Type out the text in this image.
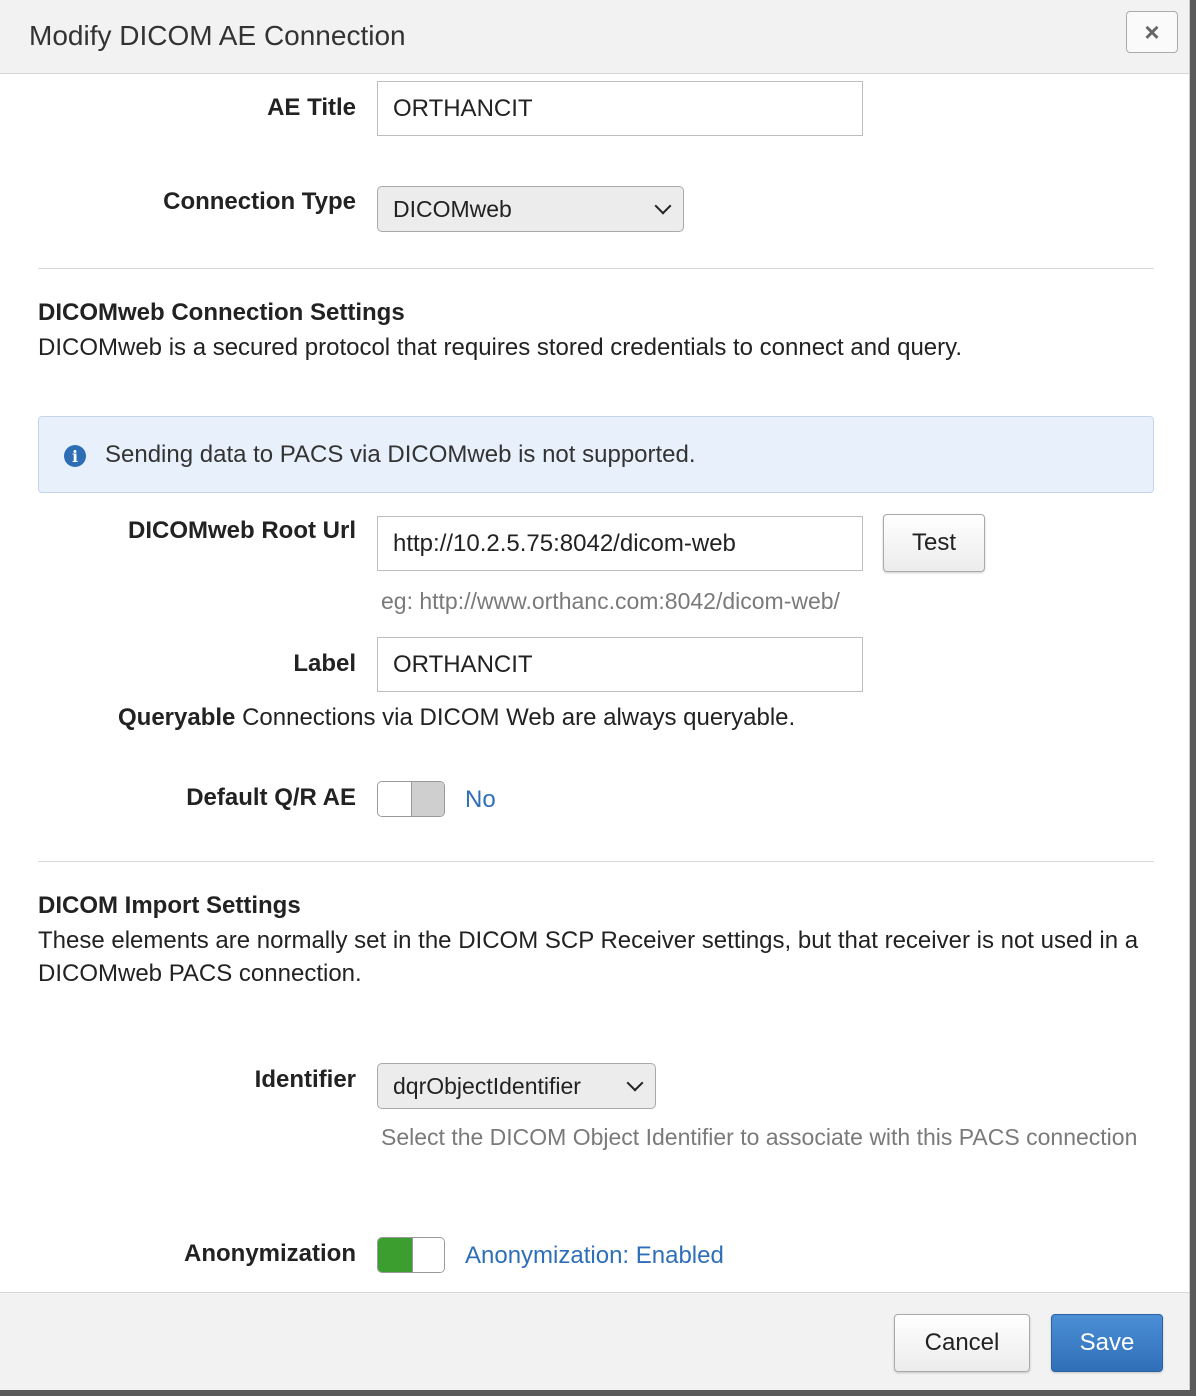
Modify DICOM AE Connection	×
AE Title	ORTHANCIT
Connection Type	DICOMweb
DICOMweb Connection Settings
DICOMweb is a secured protocol that requires stored credentials to connect and query.
i	Sending data to PACS via DICOMweb is not supported.
DICOMweb Root Url	http://10.2.5.75:8042/dicom-web	Test
eg: http://www.orthanc.com:8042/dicom-web/
Label	ORTHANCIT
Queryable Connections via DICOM Web are always queryable.
Default Q/R AE	No
DICOM Import Settings
These elements are normally set in the DICOM SCP Receiver settings, but that receiver is not used in a DICOMweb PACS connection.
Identifier	dqrObjectIdentifier
Select the DICOM Object Identifier to associate with this PACS connection
Anonymization	Anonymization: Enabled
Cancel	Save
